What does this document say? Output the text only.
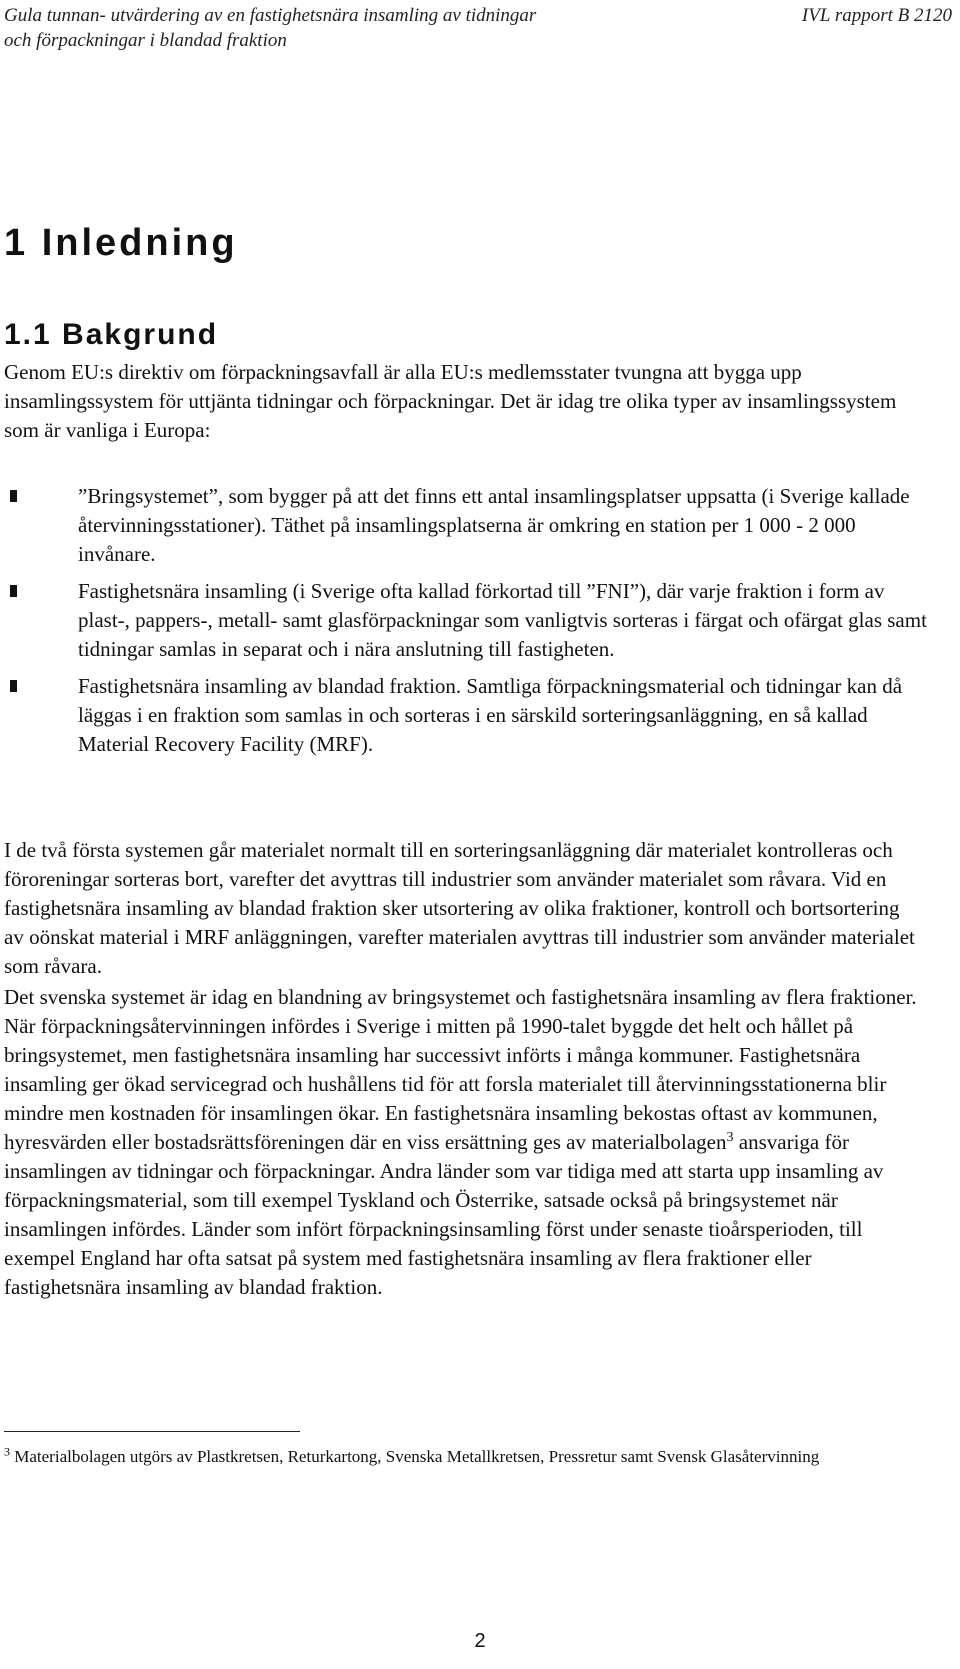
Gula tunnan- utvärdering av en fastighetsnära insamling av tidningar
och förpackningar i blandad fraktion
IVL rapport B 2120
1 Inledning
1.1 Bakgrund

Genom EU:s direktiv om förpackningsavfall är alla EU:s medlemsstater tvungna att bygga upp insamlingssystem för uttjänta tidningar och förpackningar. Det är idag tre olika typer av insamlingssystem som är vanliga i Europa:

”Bringsystemet”, som bygger på att det finns ett antal insamlingsplatser uppsatta (i Sverige kallade återvinningsstationer). Täthet på insamlingsplatserna är omkring en station per 1 000 - 2 000 invånare.
Fastighetsnära insamling (i Sverige ofta kallad förkortad till ”FNI”), där varje fraktion i form av plast-, pappers-, metall- samt glasförpackningar som vanligtvis sorteras i färgat och ofärgat glas samt tidningar samlas in separat och i nära anslutning till fastigheten.
Fastighetsnära insamling av blandad fraktion. Samtliga förpackningsmaterial och tidningar kan då läggas i en fraktion som samlas in och sorteras i en särskild sorteringsanläggning, en så kallad Material Recovery Facility (MRF).

I de två första systemen går materialet normalt till en sorteringsanläggning där materialet kontrolleras och föroreningar sorteras bort, varefter det avyttras till industrier som använder materialet som råvara. Vid en fastighetsnära insamling av blandad fraktion sker utsortering av olika fraktioner, kontroll och bortsortering av oönskat material i MRF anläggningen, varefter materialen avyttras till industrier som använder materialet som råvara.

Det svenska systemet är idag en blandning av bringsystemet och fastighetsnära insamling av flera fraktioner. När förpackningsåtervinningen infördes i Sverige i mitten på 1990-talet byggde det helt och hållet på bringsystemet, men fastighetsnära insamling har successivt införts i många kommuner. Fastighetsnära insamling ger ökad servicegrad och hushållens tid för att forsla materialet till återvinningsstationerna blir mindre men kostnaden för insamlingen ökar. En fastighetsnära insamling bekostas oftast av kommunen, hyresvärden eller bostadsrättsföreningen där en viss ersättning ges av materialbolagen$^3$ ansvariga för insamlingen av tidningar och förpackningar. Andra länder som var tidiga med att starta upp insamling av förpackningsmaterial, som till exempel Tyskland och Österrike, satsade också på bringsystemet när insamlingen infördes. Länder som infört förpackningsinsamling först under senaste tioårsperioden, till exempel England har ofta satsat på system med fastighetsnära insamling av flera fraktioner eller fastighetsnära insamling av blandad fraktion.

$^3$ Materialbolagen utgörs av Plastkretsen, Returkartong, Svenska Metallkretsen, Pressretur samt Svensk Glasåtervinning
2
